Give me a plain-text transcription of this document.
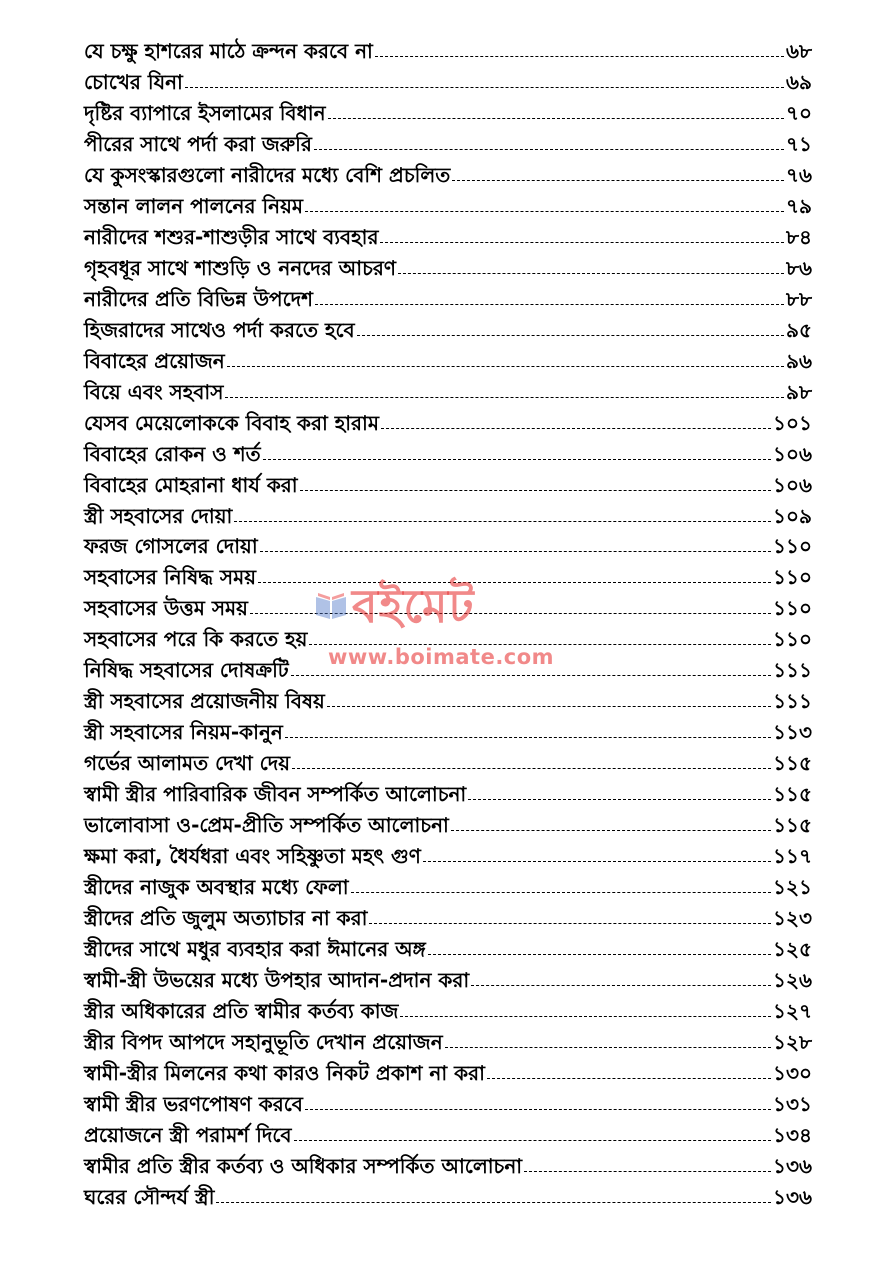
যে চক্ষু হাশরের মাঠে ক্রন্দন করবে না	৬৮
চোখের যিনা	৬৯
দৃষ্টির ব্যাপারে ইসলামের বিধান	৭০
পীরের সাথে পর্দা করা জরুরি	৭১
যে কুসংস্কারগুলো নারীদের মধ্যে বেশি প্রচলিত	৭৬
সন্তান লালন পালনের নিয়ম	৭৯
নারীদের শশুর-শাশুড়ীর সাথে ব্যবহার	৮৪
গৃহবধূর সাথে শাশুড়ি ও ননদের আচরণ	৮৬
নারীদের প্রতি বিভিন্ন উপদেশ	৮৮
হিজরাদের সাথেও পর্দা করতে হবে	৯৫
বিবাহের প্রয়োজন	৯৬
বিয়ে এবং সহবাস	৯৮
যেসব মেয়েলোককে বিবাহ করা হারাম	১০১
বিবাহের রোকন ও শর্ত	১০৬
বিবাহের মোহরানা ধার্য করা	১০৬
স্ত্রী সহবাসের দোয়া	১০৯
ফরজ গোসলের দোয়া	১১০
সহবাসের নিষিদ্ধ সময়	১১০
সহবাসের উত্তম সময়	১১০
সহবাসের পরে কি করতে হয়	১১০
নিষিদ্ধ সহবাসের দোষক্রটি	১১১
স্ত্রী সহবাসের প্রয়োজনীয় বিষয়	১১১
স্ত্রী সহবাসের নিয়ম-কানুন	১১৩
গর্ভের আলামত দেখা দেয়	১১৫
স্বামী স্ত্রীর পারিবারিক জীবন সম্পর্কিত আলোচনা	১১৫
ভালোবাসা ও-প্রেম-প্রীতি সম্পর্কিত আলোচনা	১১৫
ক্ষমা করা, ধৈর্যধরা এবং সহিষ্ণুতা মহৎ গুণ	১১৭
স্ত্রীদের নাজুক অবস্থার মধ্যে ফেলা	১২১
স্ত্রীদের প্রতি জুলুম অত্যাচার না করা	১২৩
স্ত্রীদের সাথে মধুর ব্যবহার করা ঈমানের অঙ্গ	১২৫
স্বামী-স্ত্রী উভয়ের মধ্যে উপহার আদান-প্রদান করা	১২৬
স্ত্রীর অধিকারের প্রতি স্বামীর কর্তব্য কাজ	১২৭
স্ত্রীর বিপদ আপদে সহানুভূতি দেখান প্রয়োজন	১২৮
স্বামী-স্ত্রীর মিলনের কথা কারও নিকট প্রকাশ না করা	১৩০
স্বামী স্ত্রীর ভরণপোষণ করবে	১৩১
প্রয়োজনে স্ত্রী পরামর্শ দিবে	১৩৪
স্বামীর প্রতি স্ত্রীর কর্তব্য ও অধিকার সম্পর্কিত আলোচনা	১৩৬
ঘরের সৌন্দর্য স্ত্রী	১৩৬
বইমেট
www.boimate.com
